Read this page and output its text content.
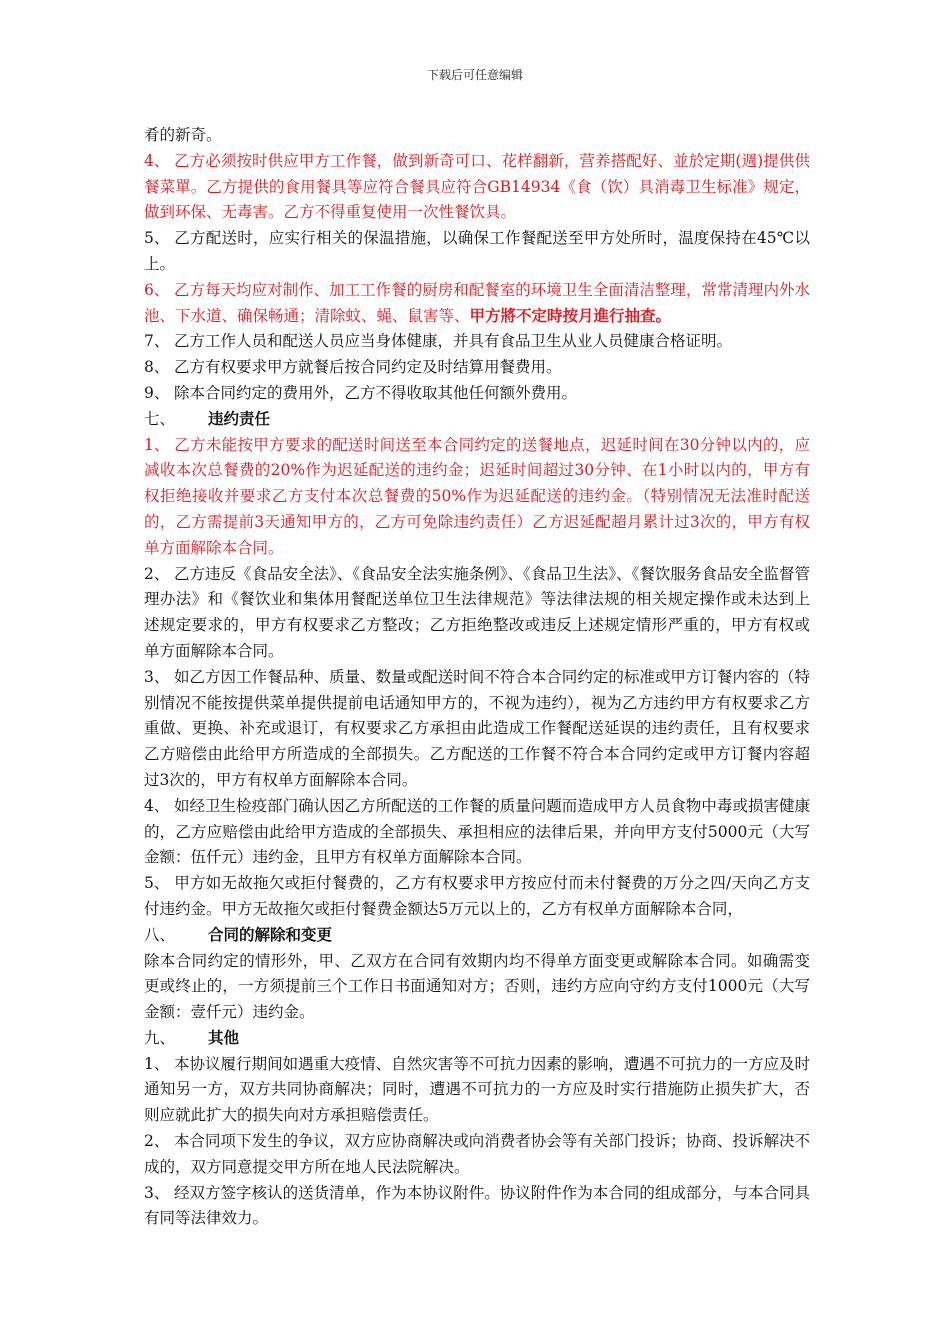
下载后可任意编辑

肴的新奇。

4、 乙方必须按时供应甲方工作餐，做到新奇可口、花样翻新，营养搭配好、並於定期(週)提供供餐菜單。乙方提供的食用餐具等应符合餐具应符合GB14934《食（饮）具消毒卫生标准》规定，做到环保、无毒害。乙方不得重复使用一次性餐饮具。

5、 乙方配送时，应实行相关的保温措施，以确保工作餐配送至甲方处所时，温度保持在45℃以上。

6、 乙方每天均应对制作、加工工作餐的厨房和配餐室的环境卫生全面清洁整理，常常清理内外水池、下水道、确保畅通；清除蚊、蝇、鼠害等、甲方將不定時按月進行抽查。

7、 乙方工作人员和配送人员应当身体健康，并具有食品卫生从业人员健康合格证明。

8、 乙方有权要求甲方就餐后按合同约定及时结算用餐费用。

9、 除本合同约定的费用外，乙方不得收取其他任何额外费用。

七、 违约责任

1、 乙方未能按甲方要求的配送时间送至本合同约定的送餐地点，迟延时间在30分钟以内的，应减收本次总餐费的20%作为迟延配送的违约金；迟延时间超过30分钟、在1小时以内的，甲方有权拒绝接收并要求乙方支付本次总餐费的50%作为迟延配送的违约金。（特别情况无法准时配送的，乙方需提前3天通知甲方的，乙方可免除违约责任）乙方迟延配超月累计过3次的，甲方有权单方面解除本合同。

2、 乙方违反《食品安全法》、《食品安全法实施条例》、《食品卫生法》、《餐饮服务食品安全监督管理办法》和《餐饮业和集体用餐配送单位卫生法律规范》等法律法规的相关规定操作或未达到上述规定要求的，甲方有权要求乙方整改；乙方拒绝整改或违反上述规定情形严重的，甲方有权或单方面解除本合同。

3、 如乙方因工作餐品种、质量、数量或配送时间不符合本合同约定的标准或甲方订餐内容的（特别情况不能按提供菜单提供提前电话通知甲方的，不视为违约），视为乙方违约甲方有权要求乙方重做、更换、补充或退订，有权要求乙方承担由此造成工作餐配送延误的违约责任，且有权要求乙方赔偿由此给甲方所造成的全部损失。乙方配送的工作餐不符合本合同约定或甲方订餐内容超过3次的，甲方有权单方面解除本合同。

4、 如经卫生检疫部门确认因乙方所配送的工作餐的质量问题而造成甲方人员食物中毒或损害健康的，乙方应赔偿由此给甲方造成的全部损失、承担相应的法律后果，并向甲方支付5000元（大写金额：伍仟元）违约金，且甲方有权单方面解除本合同。

5、 甲方如无故拖欠或拒付餐费的，乙方有权要求甲方按应付而未付餐费的万分之四/天向乙方支付违约金。甲方无故拖欠或拒付餐费金额达5万元以上的，乙方有权单方面解除本合同，

八、 合同的解除和变更

除本合同约定的情形外，甲、乙双方在合同有效期内均不得单方面变更或解除本合同。如确需变更或终止的，一方须提前三个工作日书面通知对方；否则，违约方应向守约方支付1000元（大写金额：壹仟元）违约金。

九、 其他

1、 本协议履行期间如遇重大疫情、自然灾害等不可抗力因素的影响，遭遇不可抗力的一方应及时通知另一方，双方共同协商解决；同时，遭遇不可抗力的一方应及时实行措施防止损失扩大，否则应就此扩大的损失向对方承担赔偿责任。

2、 本合同项下发生的争议，双方应协商解决或向消费者协会等有关部门投诉；协商、投诉解决不成的，双方同意提交甲方所在地人民法院解决。

3、 经双方签字核认的送货清单，作为本协议附件。协议附件作为本合同的组成部分，与本合同具有同等法律效力。
